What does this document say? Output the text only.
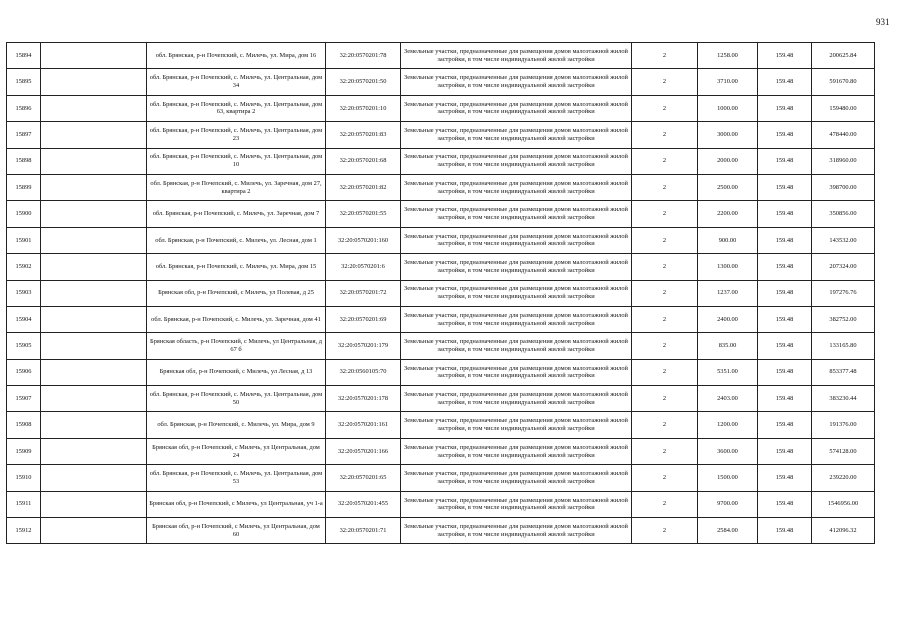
931
15894		обл. Брянская, р-н Почепский, с. Милечь, ул. Мира, дом 16	32:20:0570201:78	Земельные участки, предназначенные для размещения домов малоэтажной жилой застройки, в том числе индивидуальной жилой застройки	2	1258.00	159.48	200625.84
15895		обл. Брянская, р-н Почепский, с. Милечь, ул. Центральная, дом 34	32:20:0570201:50	Земельные участки, предназначенные для размещения домов малоэтажной жилой застройки, в том числе индивидуальной жилой застройки	2	3710.00	159.48	591670.80
15896		обл. Брянская, р-н Почепский, с. Милечь, ул. Центральная, дом 63, квартира 2	32:20:0570201:10	Земельные участки, предназначенные для размещения домов малоэтажной жилой застройки, в том числе индивидуальной жилой застройки	2	1000.00	159.48	159480.00
15897		обл. Брянская, р-н Почепский, с. Милечь, ул. Центральная, дом 23	32:20:0570201:83	Земельные участки, предназначенные для размещения домов малоэтажной жилой застройки, в том числе индивидуальной жилой застройки	2	3000.00	159.48	478440.00
15898		обл. Брянская, р-н Почепский, с. Милечь, ул. Центральная, дом 10	32:20:0570201:68	Земельные участки, предназначенные для размещения домов малоэтажной жилой застройки, в том числе индивидуальной жилой застройки	2	2000.00	159.48	318960.00
15899		обл. Брянская, р-н Почепский, с. Милечь, ул. Заречная, дом 27, квартира 2	32:20:0570201:82	Земельные участки, предназначенные для размещения домов малоэтажной жилой застройки, в том числе индивидуальной жилой застройки	2	2500.00	159.48	398700.00
15900		обл. Брянская, р-н Почепский, с. Милечь, ул. Заречная, дом 7	32:20:0570201:55	Земельные участки, предназначенные для размещения домов малоэтажной жилой застройки, в том числе индивидуальной жилой застройки	2	2200.00	159.48	350856.00
15901		обл. Брянская, р-н Почепский, с. Милечь, ул. Лесная, дом 1	32:20:0570201:160	Земельные участки, предназначенные для размещения домов малоэтажной жилой застройки, в том числе индивидуальной жилой застройки	2	900.00	159.48	143532.00
15902		обл. Брянская, р-н Почепский, с. Милечь, ул. Мира, дом 15	32:20:0570201:6	Земельные участки, предназначенные для размещения домов малоэтажной жилой застройки, в том числе индивидуальной жилой застройки	2	1300.00	159.48	207324.00
15903		Брянская обл, р-н Почепский, с Милечь, ул Полевая, д 25	32:20:0570201:72	Земельные участки, предназначенные для размещения домов малоэтажной жилой застройки, в том числе индивидуальной жилой застройки	2	1237.00	159.48	197276.76
15904		обл. Брянская, р-н Почепский, с. Милечь, ул. Заречная, дом 41	32:20:0570201:69	Земельные участки, предназначенные для размещения домов малоэтажной жилой застройки, в том числе индивидуальной жилой застройки	2	2400.00	159.48	382752.00
15905		Брянская область, р-н Почепский, с Милечь, ул Центральная, д 67 б	32:20:0570201:179	Земельные участки, предназначенные для размещения домов малоэтажной жилой застройки, в том числе индивидуальной жилой застройки	2	835.00	159.48	133165.80
15906		Брянская обл, р-н Почепский, с Милечь, ул Лесная, д 13	32:20:0560105:70	Земельные участки, предназначенные для размещения домов малоэтажной жилой застройки, в том числе индивидуальной жилой застройки	2	5351.00	159.48	853377.48
15907		обл. Брянская, р-н Почепский, с. Милечь, ул. Центральная, дом 50	32:20:0570201:178	Земельные участки, предназначенные для размещения домов малоэтажной жилой застройки, в том числе индивидуальной жилой застройки	2	2403.00	159.48	383230.44
15908		обл. Брянская, р-н Почепский, с. Милечь, ул. Мира, дом 9	32:20:0570201:161	Земельные участки, предназначенные для размещения домов малоэтажной жилой застройки, в том числе индивидуальной жилой застройки	2	1200.00	159.48	191376.00
15909		Брянская обл, р-н Почепский, с Милечь, ул Центральная, дом 24	32:20:0570201:166	Земельные участки, предназначенные для размещения домов малоэтажной жилой застройки, в том числе индивидуальной жилой застройки	2	3600.00	159.48	574128.00
15910		обл. Брянская, р-н Почепский, с. Милечь, ул. Центральная, дом 53	32:20:0570201:65	Земельные участки, предназначенные для размещения домов малоэтажной жилой застройки, в том числе индивидуальной жилой застройки	2	1500.00	159.48	239220.00
15911		Брянская обл, р-н Почепский, с Милечь, ул Центральная, уч 1-а	32:20:0570201:455	Земельные участки, предназначенные для размещения домов малоэтажной жилой застройки, в том числе индивидуальной жилой застройки	2	9700.00	159.48	1546956.00
15912		Брянская обл, р-н Почепский, с Милечь, ул Центральная, дом 60	32:20:0570201:71	Земельные участки, предназначенные для размещения домов малоэтажной жилой застройки, в том числе индивидуальной жилой застройки	2	2584.00	159.48	412096.32
